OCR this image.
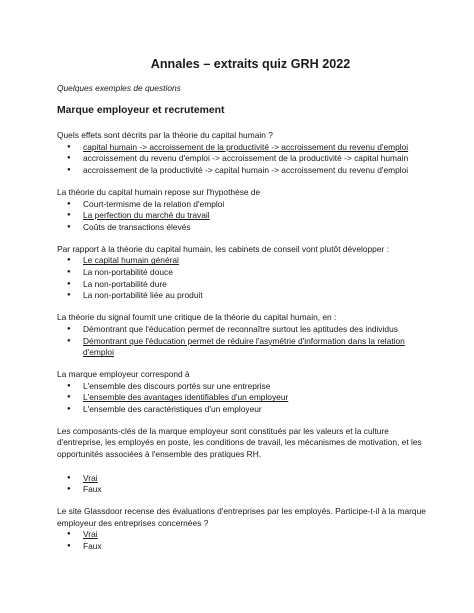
Annales – extraits quiz GRH 2022

Quelques exemples de questions

Marque employeur et recrutement

Quels effets sont décrits par la théorie du capital humain ?

● capital humain -> accroissement de la productivité -> accroissement du revenu d'emploi
● accroissement du revenu d'emploi -> accroissement de la productivité -> capital humain
● accroissement de la productivité -> capital humain -> accroissement du revenu d'emploi

La théorie du capital humain repose sur l'hypothèse de

● Court-termisme de la relation d'emploi
● La perfection du marché du travail
● Coûts de transactions élevés

Par rapport à la théorie du capital humain, les cabinets de conseil vont plutôt développer :

● Le capital humain général
● La non-portabilité douce
● La non-portabilité dure
● La non-portabilité liée au produit

La théorie du signal fournit une critique de la théorie du capital humain, en :

● Démontrant que l'éducation permet de reconnaître surtout les aptitudes des individus
● Démontrant que l'éducation permet de réduire l'asymétrie d'information dans la relation d'emploi

La marque employeur correspond à

● L'ensemble des discours portés sur une entreprise
● L'ensemble des avantages identifiables d'un employeur
● L'ensemble des caractéristiques d'un employeur

Les composants-clés de la marque employeur sont constitués par les valeurs et la culture d'entreprise, les employés en poste, les conditions de travail, les mécanismes de motivation, et les opportunités associées à l'ensemble des pratiques RH.

● Vrai
● Faux

Le site Glassdoor recense des évaluations d'entreprises par les employés. Participe-t-il à la marque employeur des entreprises concernées ?

● Vrai
● Faux
